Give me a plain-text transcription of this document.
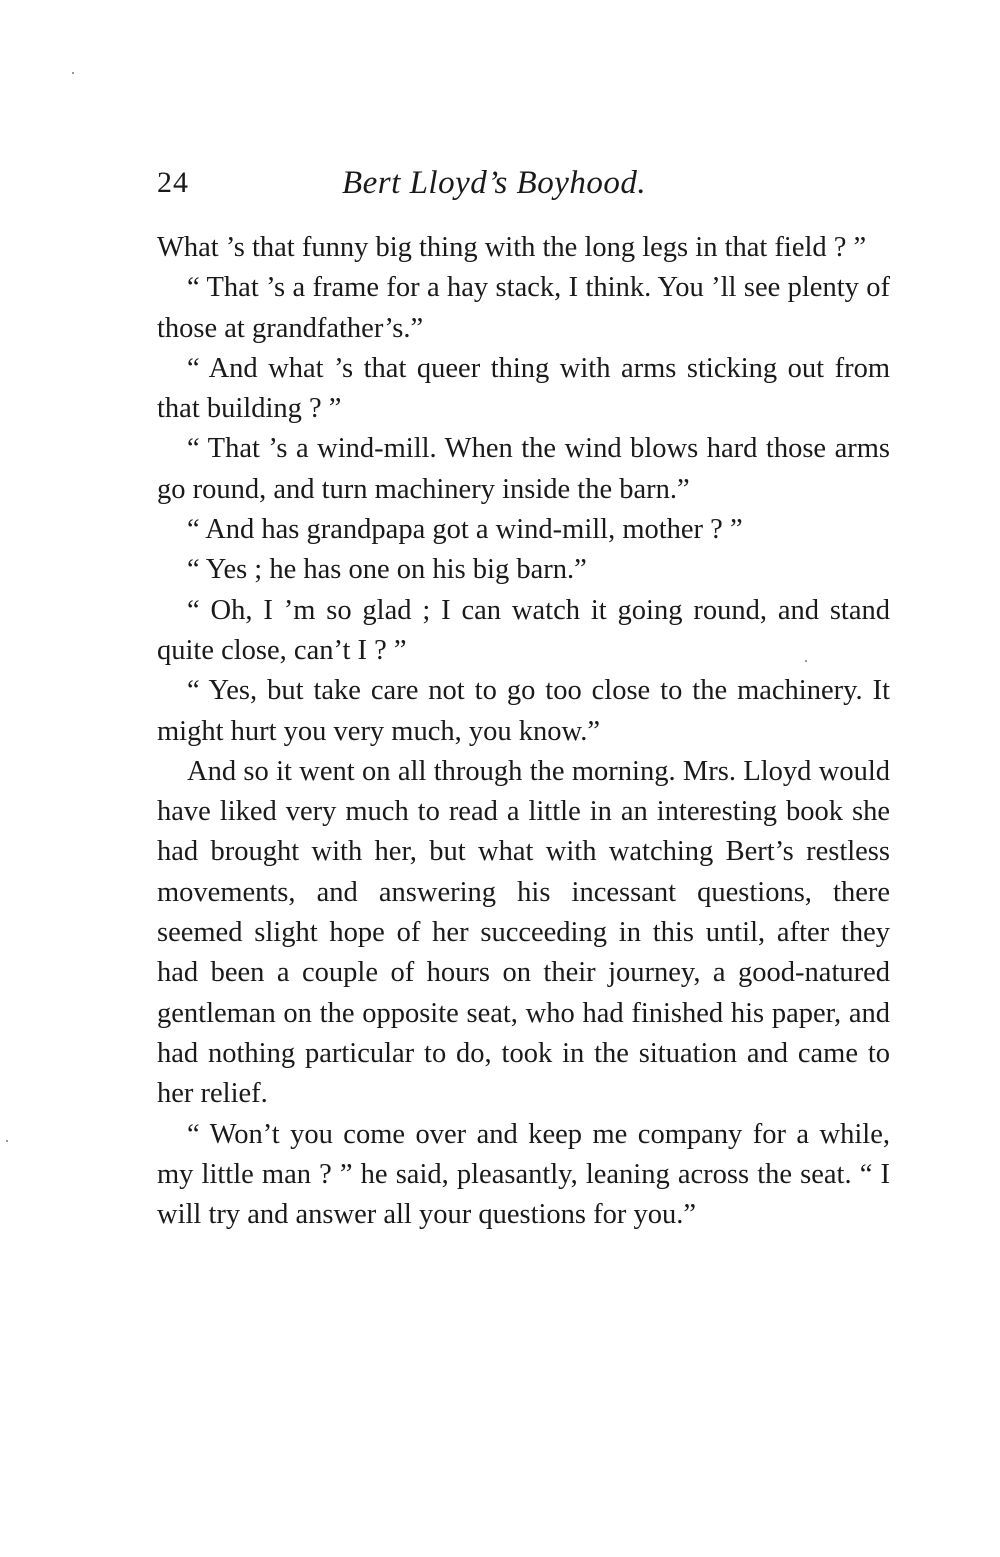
24	Bert Lloyd’s Boyhood.

What ’s that funny big thing with the long legs in that field ? ”

“ That ’s a frame for a hay stack, I think. You ’ll see plenty of those at grandfather’s.”

“ And what ’s that queer thing with arms sticking out from that building ? ”

“ That ’s a wind-mill. When the wind blows hard those arms go round, and turn machinery inside the barn.”

“ And has grandpapa got a wind-mill, mother ? ”

“ Yes ; he has one on his big barn.”

“ Oh, I ’m so glad ; I can watch it going round, and stand quite close, can’t I ? ”

“ Yes, but take care not to go too close to the machinery. It might hurt you very much, you know.”

And so it went on all through the morning. Mrs. Lloyd would have liked very much to read a little in an interesting book she had brought with her, but what with watching Bert’s restless movements, and answering his incessant questions, there seemed slight hope of her succeeding in this until, after they had been a couple of hours on their journey, a good-natured gentleman on the opposite seat, who had finished his paper, and had nothing particular to do, took in the situation and came to her relief.

“ Won’t you come over and keep me company for a while, my little man ? ” he said, pleasantly, leaning across the seat. “ I will try and answer all your questions for you.”
